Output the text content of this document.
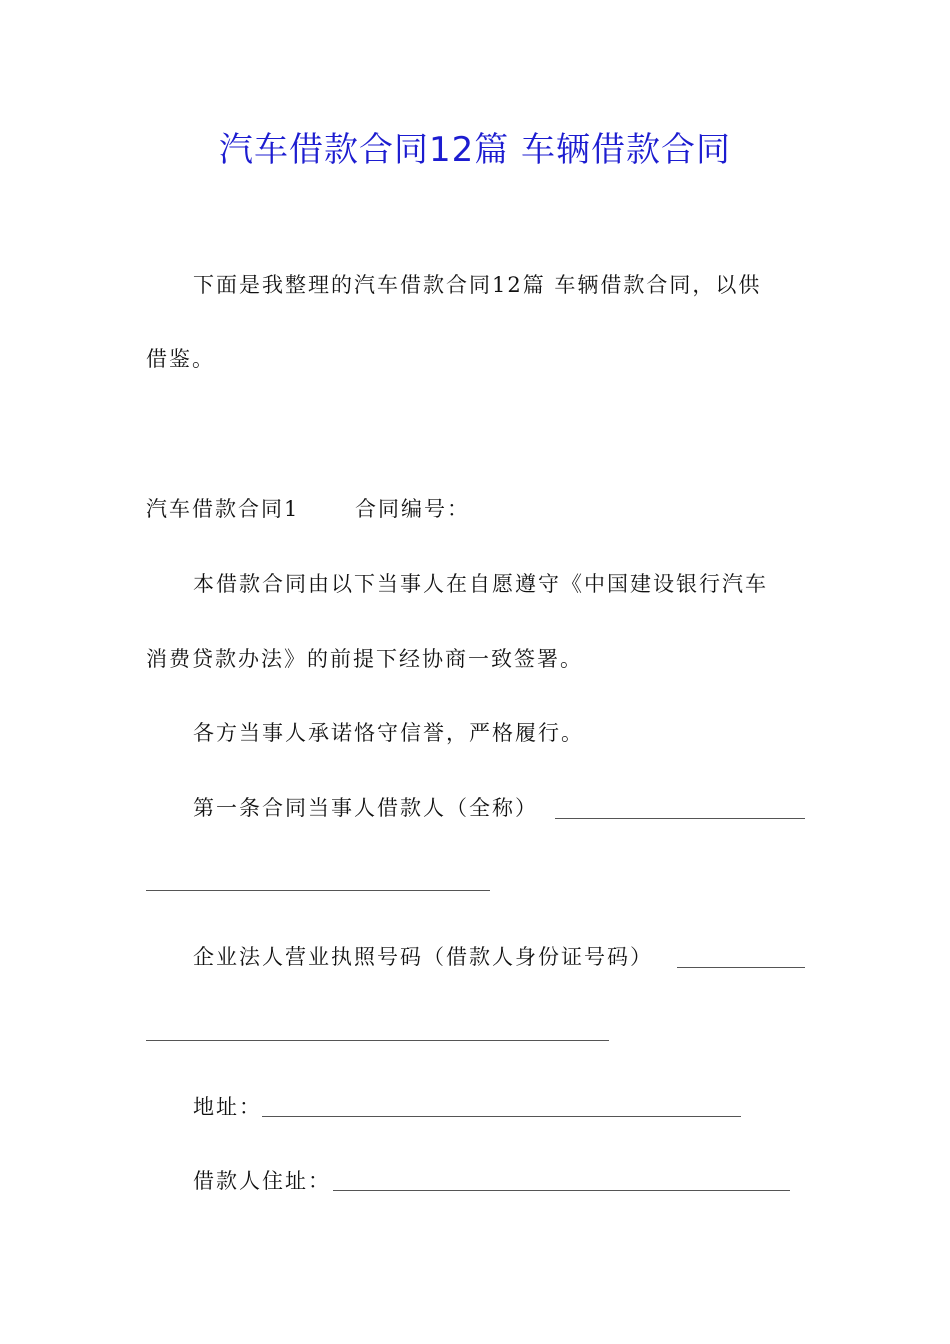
汽车借款合同12篇 车辆借款合同
下面是我整理的汽车借款合同12篇 车辆借款合同，以供
借鉴。
汽车借款合同1	合同编号：
本借款合同由以下当事人在自愿遵守《中国建设银行汽车
消费贷款办法》的前提下经协商一致签署。
各方当事人承诺恪守信誉，严格履行。
第一条合同当事人借款人（全称）
企业法人营业执照号码（借款人身份证号码）
地址：
借款人住址：
